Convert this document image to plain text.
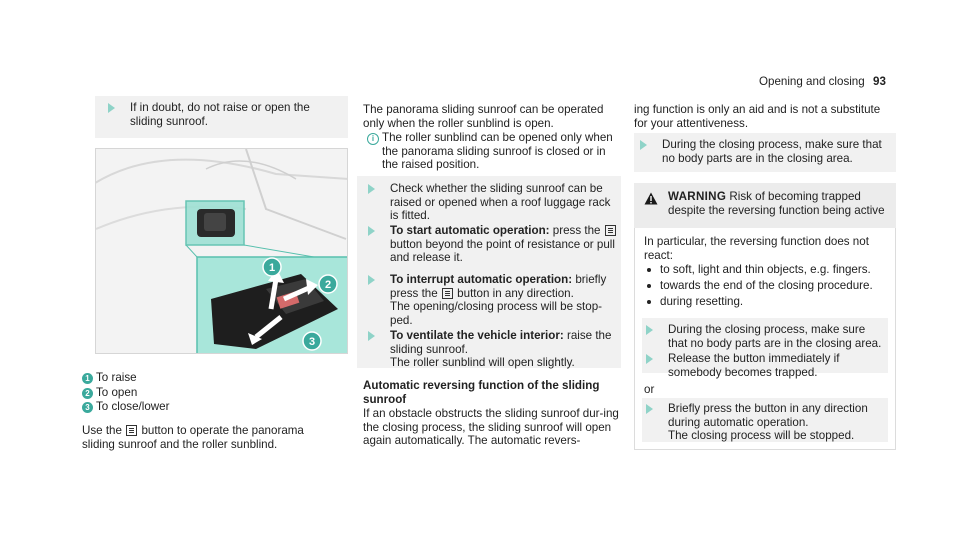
Opening and closing 93
If in doubt, do not raise or open the sliding sunroof.
1
2
3
1 To raise
2 To open
3 To close/lower
Use the button to operate the panorama sliding sunroof and the roller sunblind.
The panorama sliding sunroof can be operated only when the roller sunblind is open.
i The roller sunblind can be opened only when the panorama sliding sunroof is closed or in the raised position.
Check whether the sliding sunroof can be raised or opened when a roof luggage rack is fitted.
To start automatic operation: press the  button beyond the point of resistance or pull and release it.
To interrupt automatic operation: briefly press the button in any direction.
The opening/closing process will be stop-ped.
To ventilate the vehicle interior: raise the sliding sunroof.
The roller sunblind will open slightly.
Automatic reversing function of the sliding sunroof
If an obstacle obstructs the sliding sunroof dur-ing the closing process, the sliding sunroof will open again automatically. The automatic revers-
ing function is only an aid and is not a substitute for your attentiveness.
During the closing process, make sure that no body parts are in the closing area.
WARNING Risk of becoming trapped despite the reversing function being active
In particular, the reversing function does not react:
to soft, light and thin objects, e.g. fingers.
towards the end of the closing procedure.
during resetting.
During the closing process, make sure that no body parts are in the closing area.
Release the button immediately if somebody becomes trapped.
or
Briefly press the button in any direction during automatic operation.
The closing process will be stopped.
